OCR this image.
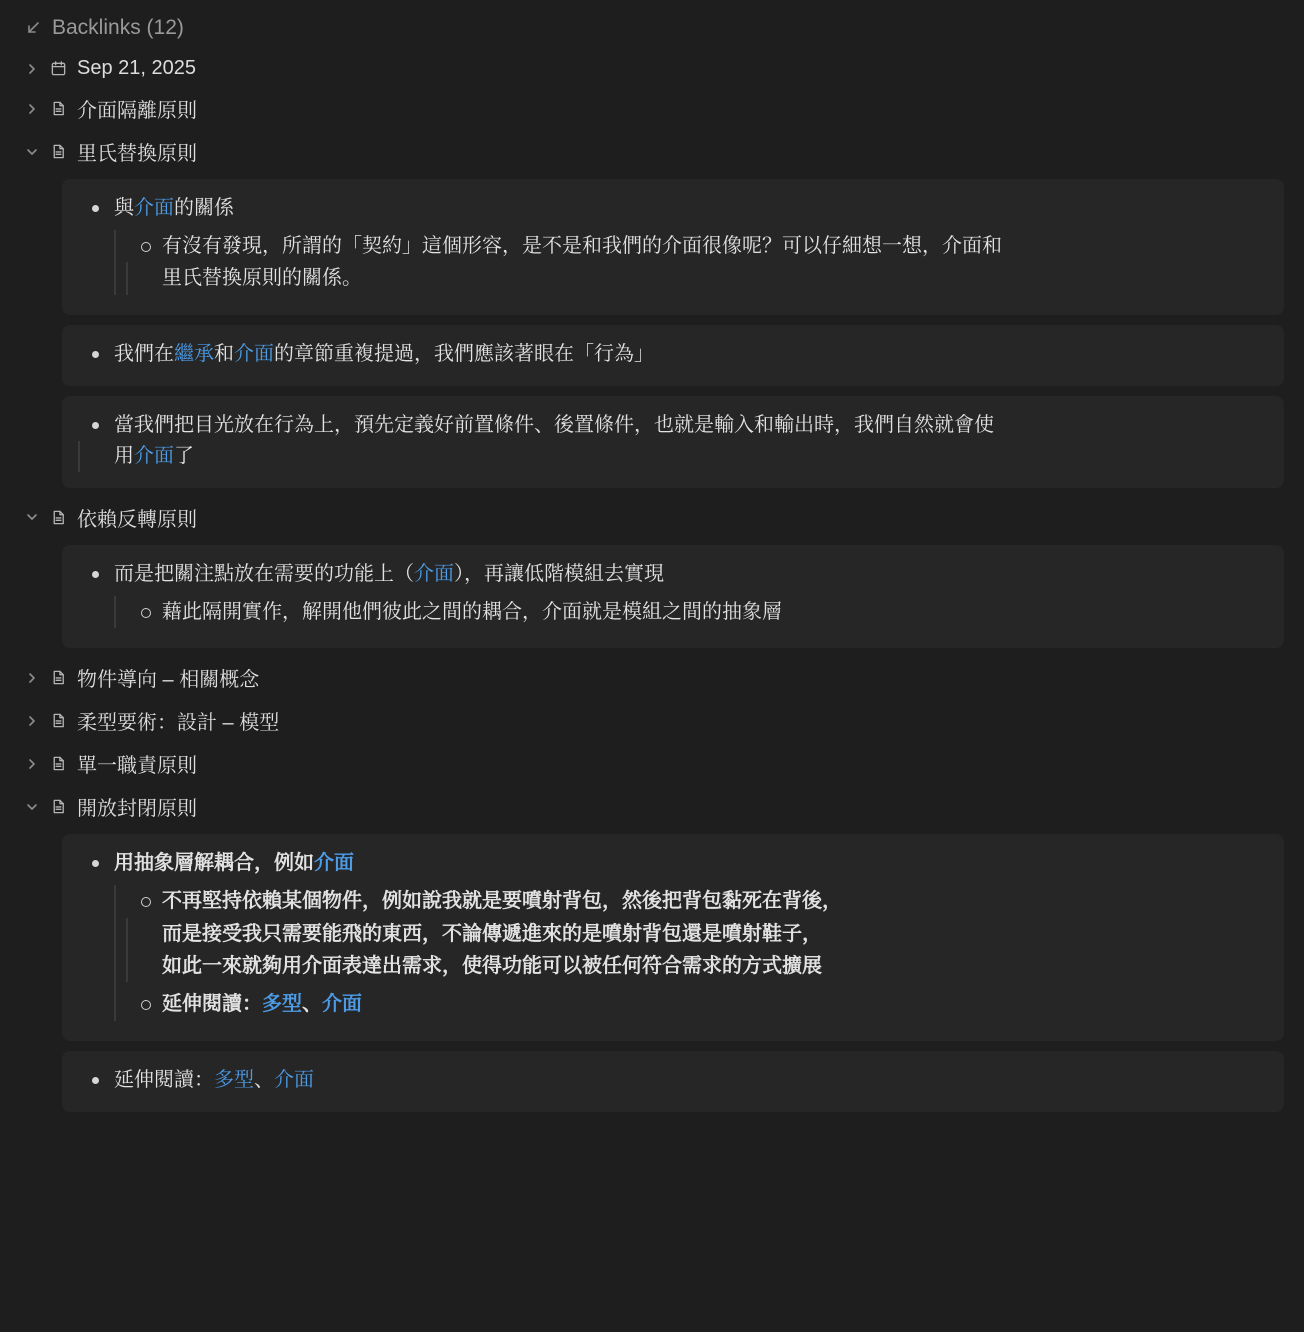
Backlinks (12)
Sep 21, 2025
介面隔離原則
里氏替換原則
與介面的關係
有沒有發現，所謂的「契約」這個形容，是不是和我們的介面很像呢？可以仔細想一想，介面和
里氏替換原則的關係。
我們在繼承和介面的章節重複提過，我們應該著眼在「行為」
當我們把目光放在行為上，預先定義好前置條件、後置條件，也就是輸入和輸出時，我們自然就會使
用介面了
依賴反轉原則
而是把關注點放在需要的功能上（介面），再讓低階模組去實現
藉此隔開實作，解開他們彼此之間的耦合，介面就是模組之間的抽象層
物件導向 – 相關概念
柔型要術：設計 – 模型
單一職責原則
開放封閉原則
用抽象層解耦合，例如介面
不再堅持依賴某個物件，例如說我就是要噴射背包，然後把背包黏死在背後，
而是接受我只需要能飛的東西，不論傳遞進來的是噴射背包還是噴射鞋子，
如此一來就夠用介面表達出需求，使得功能可以被任何符合需求的方式擴展
延伸閱讀：多型、介面
延伸閱讀：多型、介面
